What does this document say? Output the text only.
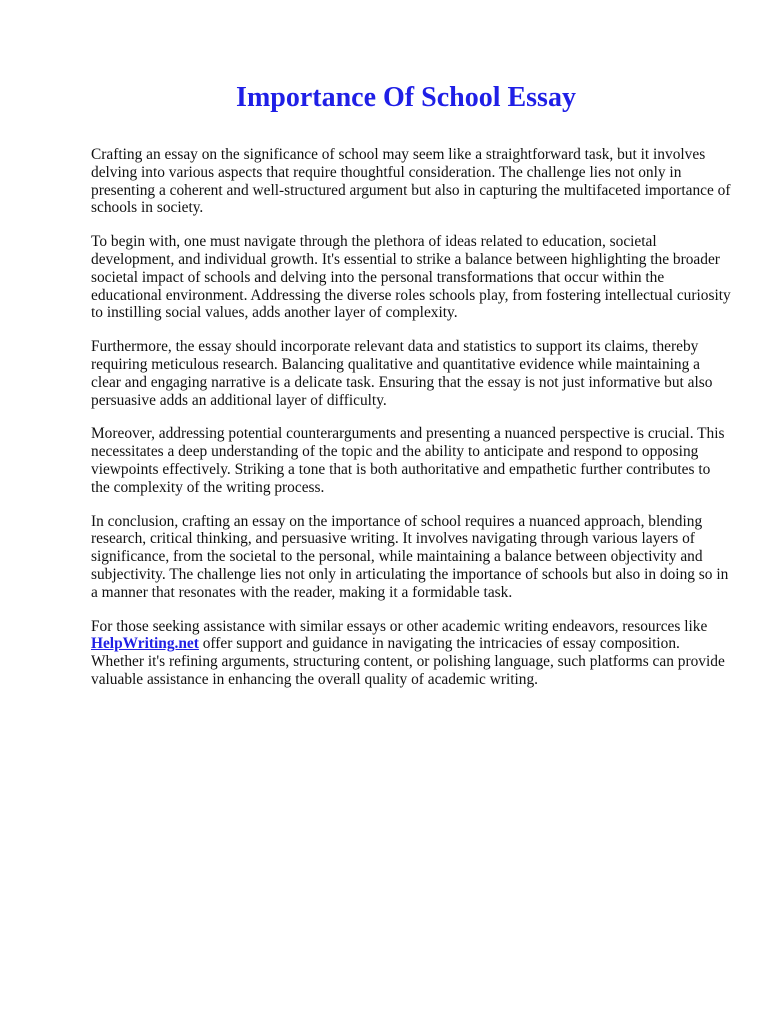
Importance Of School Essay

Crafting an essay on the significance of school may seem like a straightforward task, but it involves delving into various aspects that require thoughtful consideration. The challenge lies not only in presenting a coherent and well-structured argument but also in capturing the multifaceted importance of schools in society.

To begin with, one must navigate through the plethora of ideas related to education, societal development, and individual growth. It's essential to strike a balance between highlighting the broader societal impact of schools and delving into the personal transformations that occur within the educational environment. Addressing the diverse roles schools play, from fostering intellectual curiosity to instilling social values, adds another layer of complexity.

Furthermore, the essay should incorporate relevant data and statistics to support its claims, thereby requiring meticulous research. Balancing qualitative and quantitative evidence while maintaining a clear and engaging narrative is a delicate task. Ensuring that the essay is not just informative but also persuasive adds an additional layer of difficulty.

Moreover, addressing potential counterarguments and presenting a nuanced perspective is crucial. This necessitates a deep understanding of the topic and the ability to anticipate and respond to opposing viewpoints effectively. Striking a tone that is both authoritative and empathetic further contributes to the complexity of the writing process.

In conclusion, crafting an essay on the importance of school requires a nuanced approach, blending research, critical thinking, and persuasive writing. It involves navigating through various layers of significance, from the societal to the personal, while maintaining a balance between objectivity and subjectivity. The challenge lies not only in articulating the importance of schools but also in doing so in a manner that resonates with the reader, making it a formidable task.

For those seeking assistance with similar essays or other academic writing endeavors, resources like HelpWriting.net offer support and guidance in navigating the intricacies of essay composition. Whether it's refining arguments, structuring content, or polishing language, such platforms can provide valuable assistance in enhancing the overall quality of academic writing.
